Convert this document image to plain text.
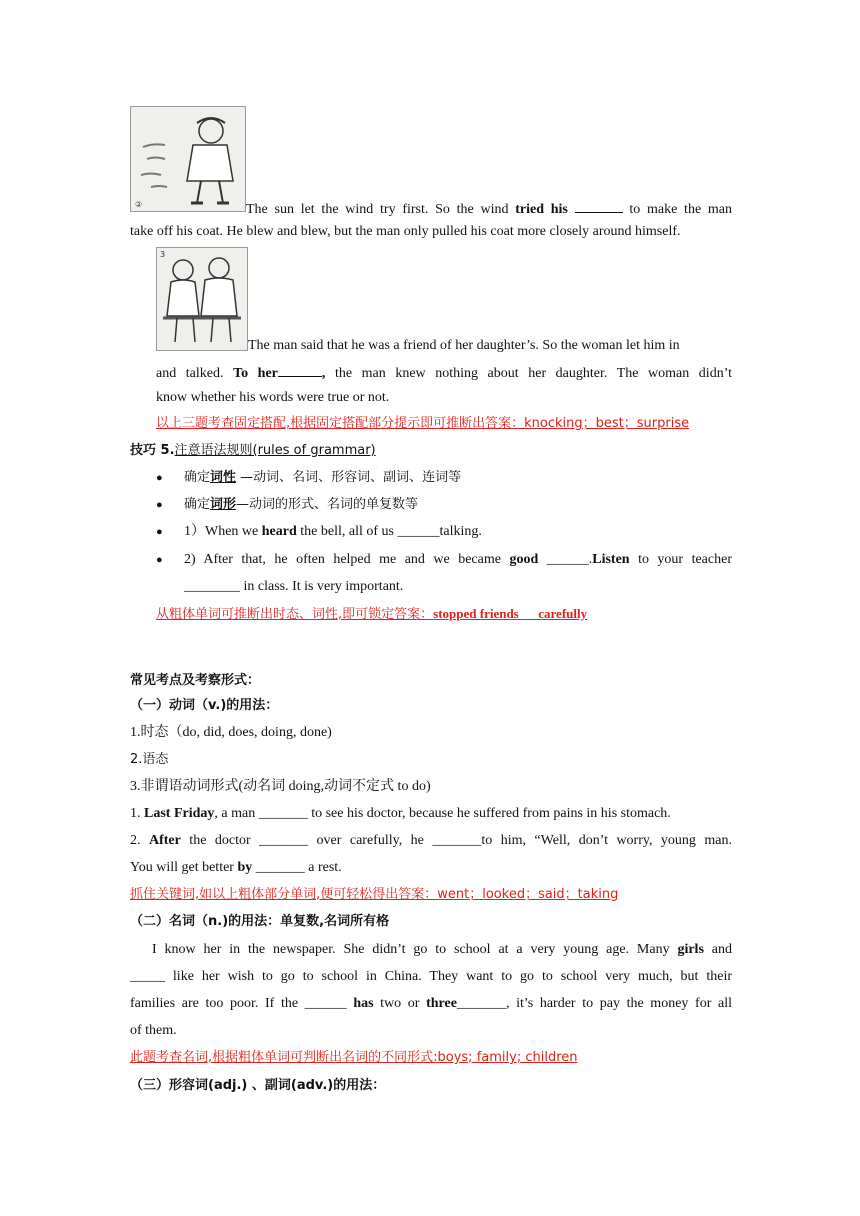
②	The sun let the wind try first. So the wind tried his	to make the man
take off his coat. He blew and blew, but the man only pulled his coat more closely around himself.
3
The man said that he was a friend of her daughter’s. So the woman let him in
and talked. To her	, the man knew nothing about her daughter. The woman didn’t
know whether his words were true or not.
以上三题考查固定搭配,根据固定搭配部分提示即可推断出答案：knocking；best；surprise
技巧 5.注意语法规则(rules of grammar)
● 确定词性 —动词、名词、形容词、副词、连词等
● 确定词形—动词的形式、名词的单复数等
● 1）When we heard the bell, all of us ______talking.
● 2) After that, he often helped me and we became good ______.Listen to your teacher
________ in class. It is very important.
从粗体单词可推断出时态、词性,即可锁定答案：stopped friends      carefully
常见考点及考察形式：
（一）动词（v.)的用法：
1.时态（do, did, does, doing, done)
2.语态
3.非谓语动词形式(动名词 doing,动词不定式 to do)
1. Last Friday, a man _______ to see his doctor, because he suffered from pains in his stomach.
2. After the doctor _______ over carefully, he _______to him, “Well, don’t worry, young man.
You will get better by _______ a rest.
抓住关键词,如以上粗体部分单词,便可轻松得出答案：went；looked；said；taking
（二）名词（n.)的用法：单复数,名词所有格
I know her in the newspaper. She didn’t go to school at a very young age. Many girls and
_____ like her wish to go to school in China. They want to go to school very much, but their
families are too poor. If the ______ has two or three_______, it’s harder to pay the money for all
of them.
此题考查名词,根据粗体单词可判断出名词的不同形式:boys; family; children
（三）形容词(adj.) 、副词(adv.)的用法：
